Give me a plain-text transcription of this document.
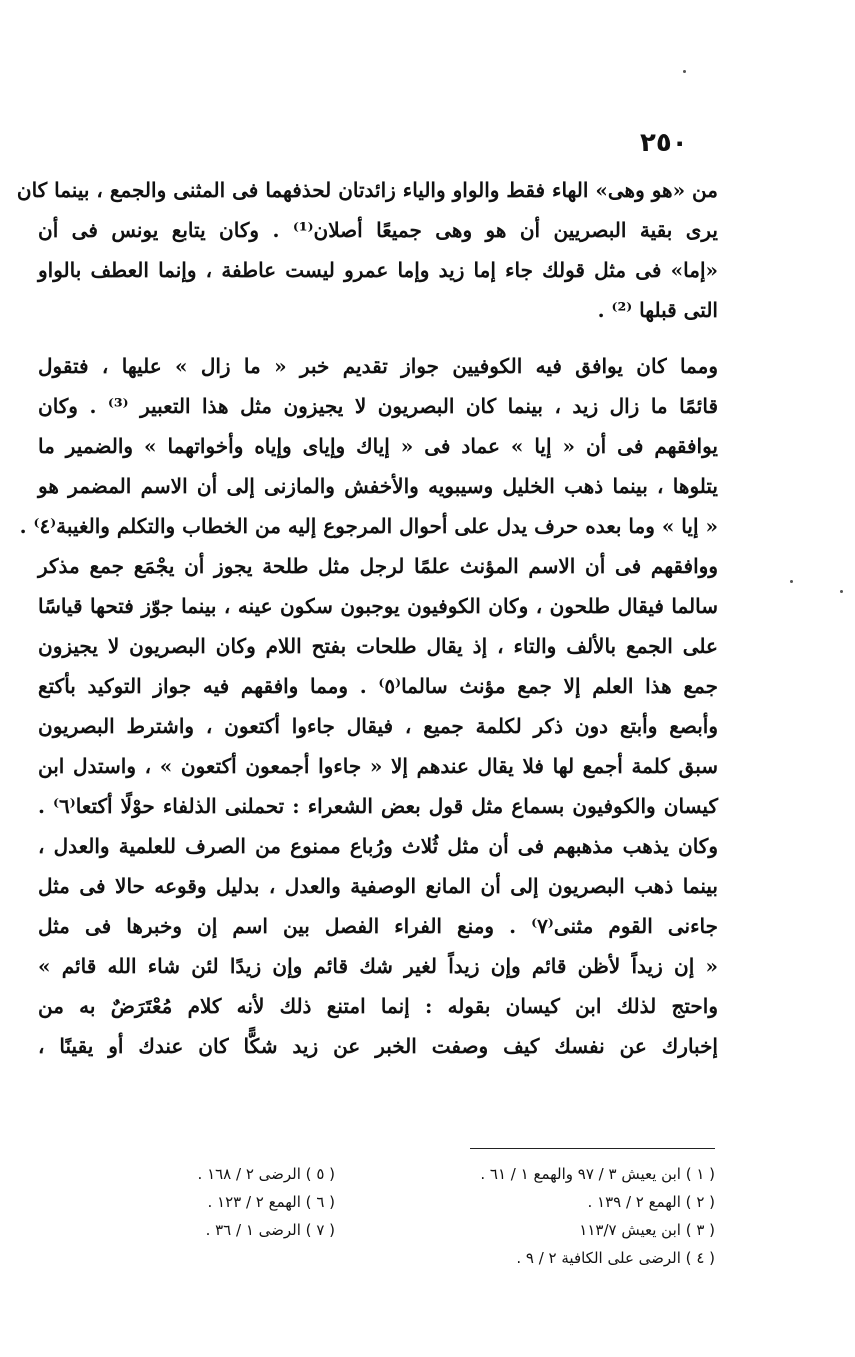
٢٥٠
من «هو وهى» الهاء فقط والواو والياء زائدتان لحذفهما فى المثنى والجمع ، بينما كان
يرى بقية البصريين أن هو وهى جميعًا أصلان⁽¹⁾ . وكان يتابع يونس فى أن
«إما» فى مثل قولك جاء إما زيد وإما عمرو ليست عاطفة ، وإنما العطف بالواو
التى قبلها ⁽²⁾ .
ومما كان يوافق فيه الكوفيين جواز تقديم خبر « ما زال » عليها ، فتقول
قائمًا ما زال زيد ، بينما كان البصريون لا يجيزون مثل هذا التعبير ⁽³⁾ . وكان
يوافقهم فى أن « إيا » عماد فى « إياك وإياى وإياه وأخواتهما » والضمير ما
يتلوها ، بينما ذهب الخليل وسيبويه والأخفش والمازنى إلى أن الاسم المضمر هو
« إيا » وما بعده حرف يدل على أحوال المرجوع إليه من الخطاب والتكلم والغيبة⁽٤⁾ .
ووافقهم فى أن الاسم المؤنث علمًا لرجل مثل طلحة يجوز أن يجْمَع جمع مذكر
سالما فيقال طلحون ، وكان الكوفيون يوجبون سكون عينه ، بينما جوّز فتحها قياسًا
على الجمع بالألف والتاء ، إذ يقال طلحات بفتح اللام وكان البصريون لا يجيزون
جمع هذا العلم إلا جمع مؤنث سالما⁽٥⁾ . ومما وافقهم فيه جواز التوكيد بأكتع
وأبصع وأبتع دون ذكر لكلمة جميع ، فيقال جاءوا أكتعون ، واشترط البصريون
سبق كلمة أجمع لها فلا يقال عندهم إلا « جاءوا أجمعون أكتعون » ، واستدل ابن
كيسان والكوفيون بسماع مثل قول بعض الشعراء : تحملنى الذلفاء حوْلًا أكتعا⁽٦⁾ .
وكان يذهب مذهبهم فى أن مثل ثُلاث ورُباع ممنوع من الصرف للعلمية والعدل ،
بينما ذهب البصريون إلى أن المانع الوصفية والعدل ، بدليل وقوعه حالا فى مثل
جاءنى القوم مثنى⁽٧⁾ . ومنع الفراء الفصل بين اسم إن وخبرها فى مثل
« إن زيداً لأظن قائم وإن زيداً لغير شك قائم وإن زيدًا لئن شاء الله قائم »
واحتج لذلك ابن كيسان بقوله : إنما امتنع ذلك لأنه كلام مُعْتَرَضٌ به من
إخبارك عن نفسك كيف وصفت الخبر عن زيد شكًّا كان عندك أو يقينًا ،
( ١ ) ابن يعيش ٣ / ٩٧ والهمع ١ / ٦١ .
( ٢ ) الهمع ٢ / ١٣٩ .
( ٣ ) ابن يعيش ١١٣/٧
( ٤ ) الرضى على الكافية ٢ / ٩ .
( ٥ ) الرضى ٢ / ١٦٨ .
( ٦ ) الهمع ٢ / ١٢٣ .
( ٧ ) الرضى ١ / ٣٦ .
